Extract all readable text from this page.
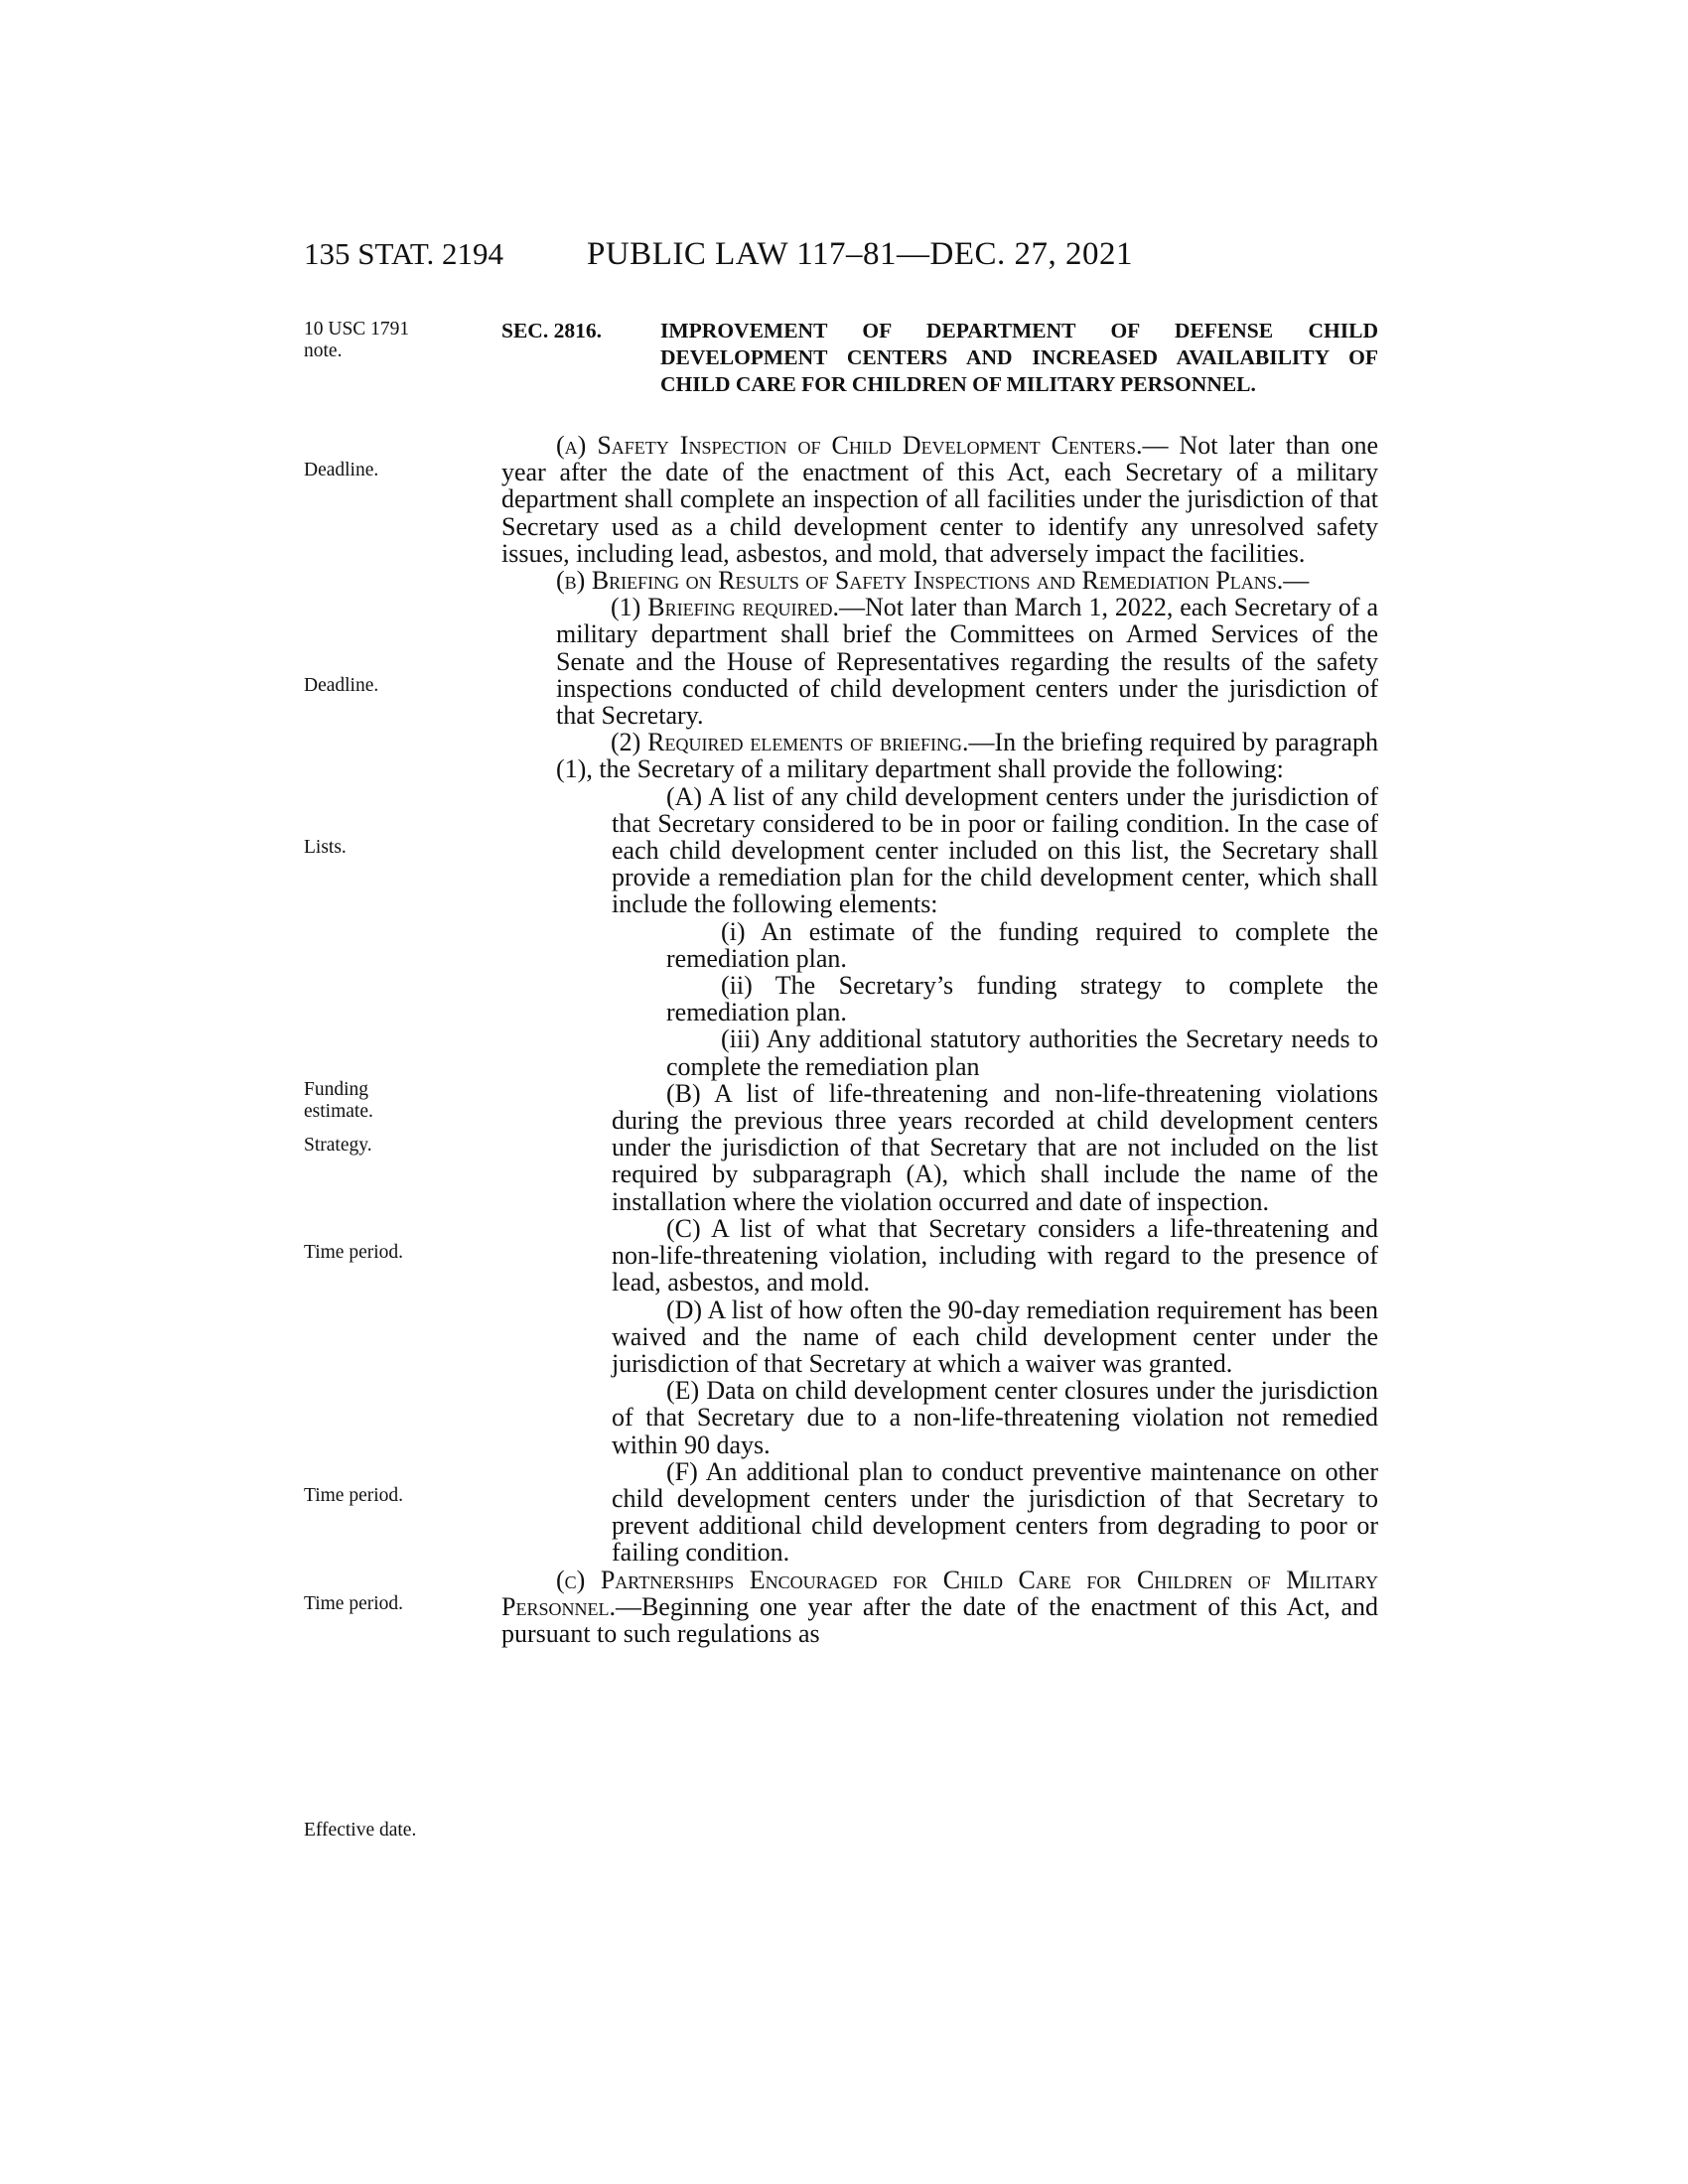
135 STAT. 2194	PUBLIC LAW 117–81—DEC. 27, 2021
10 USC 1791 note.
Deadline.
Deadline.
Lists.
Funding estimate.
Strategy.
Time period.
Time period.
Time period.
Effective date.
SEC. 2816.	IMPROVEMENT OF DEPARTMENT OF DEFENSE CHILD DEVELOPMENT CENTERS AND INCREASED AVAILABILITY OF CHILD CARE FOR CHILDREN OF MILITARY PERSONNEL.

(a) Safety Inspection of Child Development Centers.— Not later than one year after the date of the enactment of this Act, each Secretary of a military department shall complete an inspection of all facilities under the jurisdiction of that Secretary used as a child development center to identify any unresolved safety issues, including lead, asbestos, and mold, that adversely impact the facilities.

(b) Briefing on Results of Safety Inspections and Remediation Plans.—

(1) Briefing required.—Not later than March 1, 2022, each Secretary of a military department shall brief the Committees on Armed Services of the Senate and the House of Representatives regarding the results of the safety inspections conducted of child development centers under the jurisdiction of that Secretary.

(2) Required elements of briefing.—In the briefing required by paragraph (1), the Secretary of a military department shall provide the following:

(A) A list of any child development centers under the jurisdiction of that Secretary considered to be in poor or failing condition. In the case of each child development center included on this list, the Secretary shall provide a remediation plan for the child development center, which shall include the following elements:

(i) An estimate of the funding required to complete the remediation plan.

(ii) The Secretary’s funding strategy to complete the remediation plan.

(iii) Any additional statutory authorities the Secretary needs to complete the remediation plan

(B) A list of life-threatening and non-life-threatening violations during the previous three years recorded at child development centers under the jurisdiction of that Secretary that are not included on the list required by subparagraph (A), which shall include the name of the installation where the violation occurred and date of inspection.

(C) A list of what that Secretary considers a life-threatening and non-life-threatening violation, including with regard to the presence of lead, asbestos, and mold.

(D) A list of how often the 90-day remediation requirement has been waived and the name of each child development center under the jurisdiction of that Secretary at which a waiver was granted.

(E) Data on child development center closures under the jurisdiction of that Secretary due to a non-life-threatening violation not remedied within 90 days.

(F) An additional plan to conduct preventive maintenance on other child development centers under the jurisdiction of that Secretary to prevent additional child development centers from degrading to poor or failing condition.

(c) Partnerships Encouraged for Child Care for Children of Military Personnel.—Beginning one year after the date of the enactment of this Act, and pursuant to such regulations as
